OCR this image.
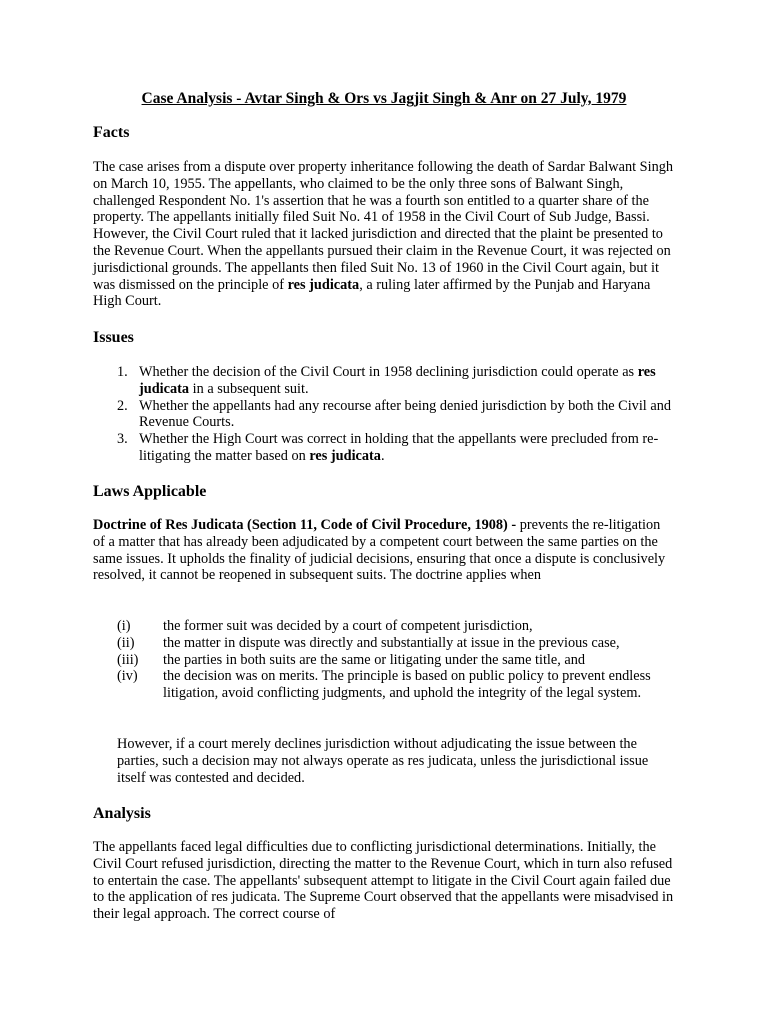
Case Analysis - Avtar Singh & Ors vs Jagjit Singh & Anr on 27 July, 1979

Facts

The case arises from a dispute over property inheritance following the death of Sardar Balwant Singh on March 10, 1955. The appellants, who claimed to be the only three sons of Balwant Singh, challenged Respondent No. 1's assertion that he was a fourth son entitled to a quarter share of the property. The appellants initially filed Suit No. 41 of 1958 in the Civil Court of Sub Judge, Bassi. However, the Civil Court ruled that it lacked jurisdiction and directed that the plaint be presented to the Revenue Court. When the appellants pursued their claim in the Revenue Court, it was rejected on jurisdictional grounds. The appellants then filed Suit No. 13 of 1960 in the Civil Court again, but it was dismissed on the principle of res judicata, a ruling later affirmed by the Punjab and Haryana High Court.

Issues
1. Whether the decision of the Civil Court in 1958 declining jurisdiction could operate as res judicata in a subsequent suit.
2. Whether the appellants had any recourse after being denied jurisdiction by both the Civil and Revenue Courts.
3. Whether the High Court was correct in holding that the appellants were precluded from re-litigating the matter based on res judicata.
Laws Applicable

Doctrine of Res Judicata (Section 11, Code of Civil Procedure, 1908) - prevents the re-litigation of a matter that has already been adjudicated by a competent court between the same parties on the same issues. It upholds the finality of judicial decisions, ensuring that once a dispute is conclusively resolved, it cannot be reopened in subsequent suits. The doctrine applies when

(i) the former suit was decided by a court of competent jurisdiction,
(ii) the matter in dispute was directly and substantially at issue in the previous case,
(iii) the parties in both suits are the same or litigating under the same title, and
(iv) the decision was on merits. The principle is based on public policy to prevent endless litigation, avoid conflicting judgments, and uphold the integrity of the legal system.

However, if a court merely declines jurisdiction without adjudicating the issue between the parties, such a decision may not always operate as res judicata, unless the jurisdictional issue itself was contested and decided.

Analysis

The appellants faced legal difficulties due to conflicting jurisdictional determinations. Initially, the Civil Court refused jurisdiction, directing the matter to the Revenue Court, which in turn also refused to entertain the case. The appellants' subsequent attempt to litigate in the Civil Court again failed due to the application of res judicata. The Supreme Court observed that the appellants were misadvised in their legal approach. The correct course of
